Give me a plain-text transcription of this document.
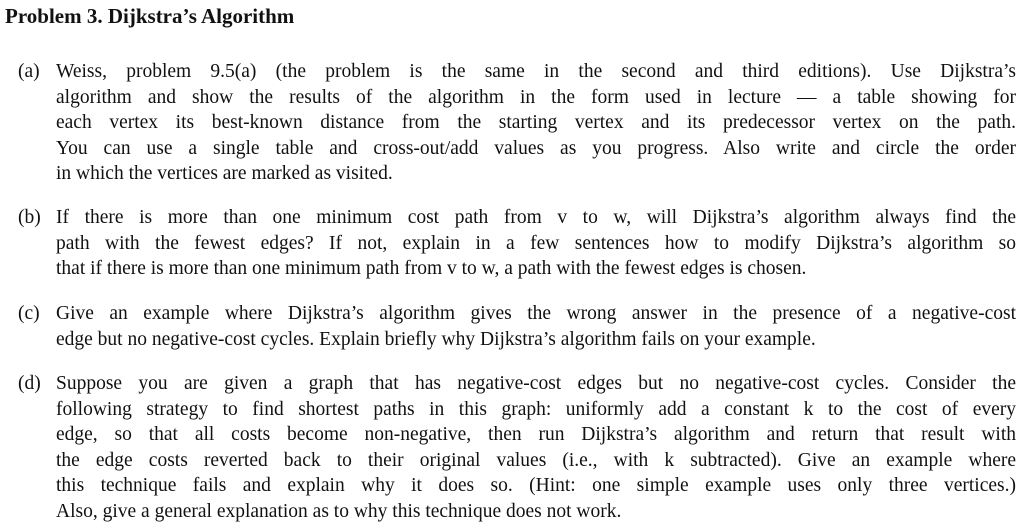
Problem 3. Dijkstra’s Algorithm
(a) Weiss, problem 9.5(a) (the problem is the same in the second and third editions). Use Dijkstra’s
algorithm and show the results of the algorithm in the form used in lecture — a table showing for
each vertex its best-known distance from the starting vertex and its predecessor vertex on the path.
You can use a single table and cross-out/add values as you progress. Also write and circle the order
in which the vertices are marked as visited.
(b) If there is more than one minimum cost path from v to w, will Dijkstra’s algorithm always find the
path with the fewest edges? If not, explain in a few sentences how to modify Dijkstra’s algorithm so
that if there is more than one minimum path from v to w, a path with the fewest edges is chosen.
(c) Give an example where Dijkstra’s algorithm gives the wrong answer in the presence of a negative-cost
edge but no negative-cost cycles. Explain briefly why Dijkstra’s algorithm fails on your example.
(d) Suppose you are given a graph that has negative-cost edges but no negative-cost cycles. Consider the
following strategy to find shortest paths in this graph: uniformly add a constant k to the cost of every
edge, so that all costs become non-negative, then run Dijkstra’s algorithm and return that result with
the edge costs reverted back to their original values (i.e., with k subtracted). Give an example where
this technique fails and explain why it does so. (Hint: one simple example uses only three vertices.)
Also, give a general explanation as to why this technique does not work.
